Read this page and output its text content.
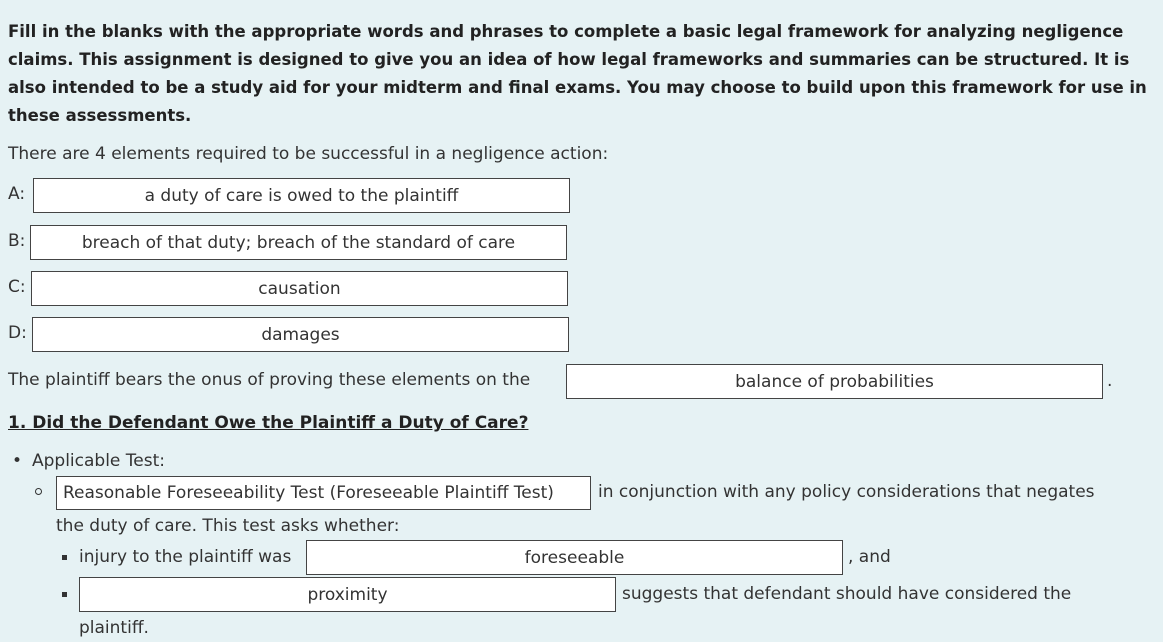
Fill in the blanks with the appropriate words and phrases to complete a basic legal framework for analyzing negligence claims. This assignment is designed to give you an idea of how legal frameworks and summaries can be structured. It is also intended to be a study aid for your midterm and final exams. You may choose to build upon this framework for use in these assessments.
There are 4 elements required to be successful in a negligence action:
A:
a duty of care is owed to the plaintiff
B:
breach of that duty; breach of the standard of care
C:
causation
D:
damages
The plaintiff bears the onus of proving these elements on the
balance of probabilities	.
1. Did the Defendant Owe the Plaintiff a Duty of Care?
• Applicable Test:
Reasonable Foreseeability Test (Foreseeable Plaintiff Test)
in conjunction with any policy considerations that negates
the duty of care. This test asks whether:
injury to the plaintiff was
foreseeable	, and
proximity
suggests that defendant should have considered the
plaintiff.
